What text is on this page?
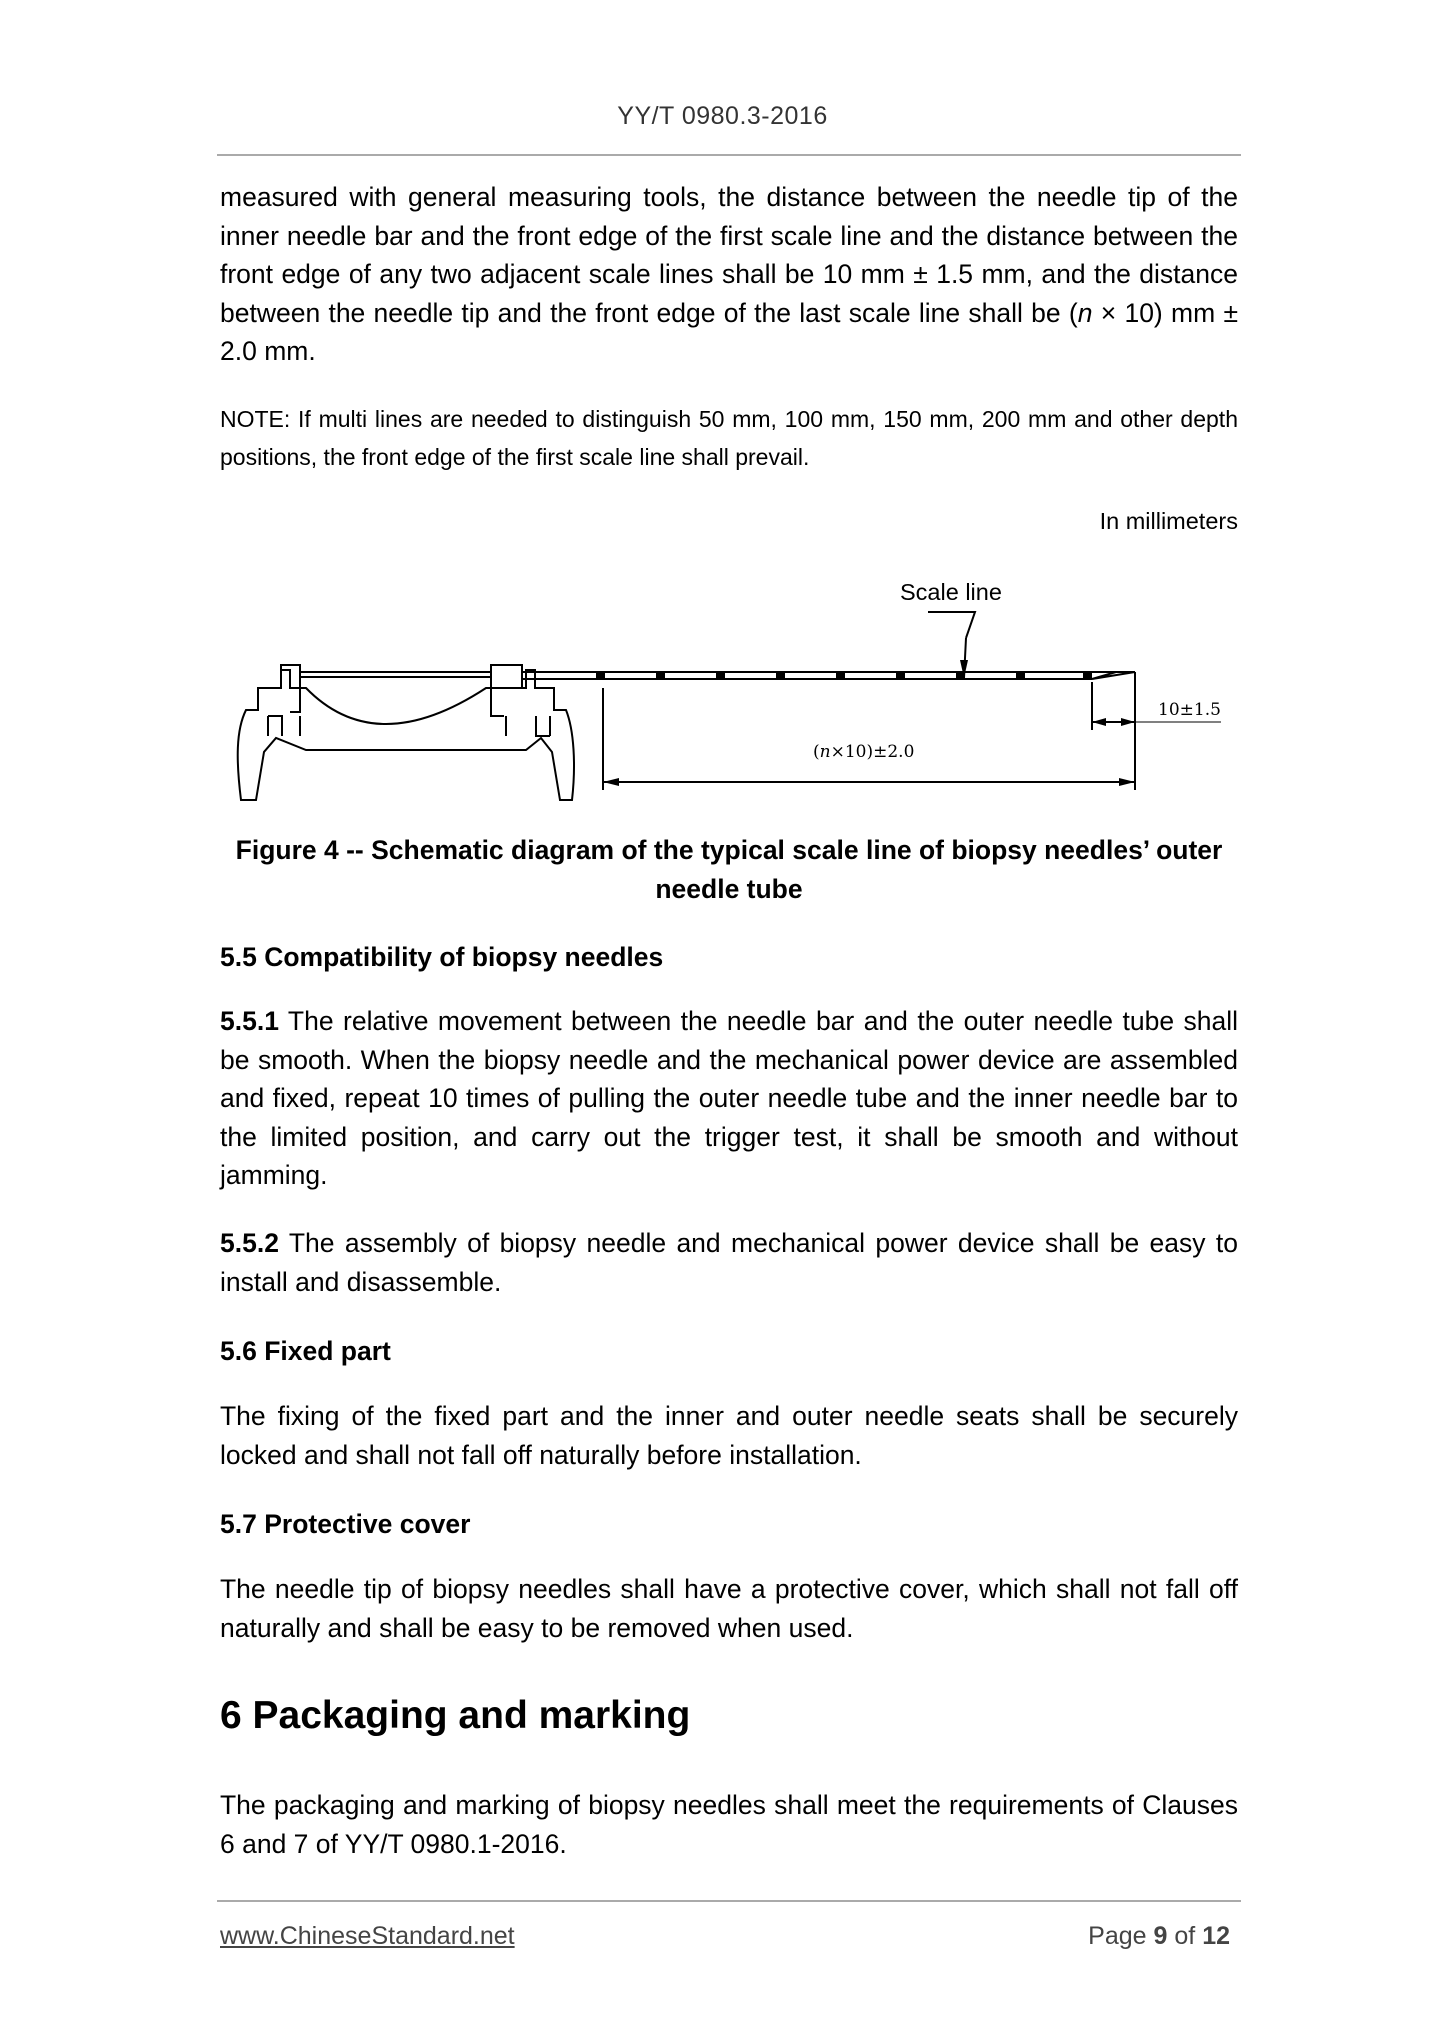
YY/T 0980.3-2016

measured with general measuring tools, the distance between the needle tip of the inner needle bar and the front edge of the first scale line and the distance between the front edge of any two adjacent scale lines shall be 10 mm ± 1.5 mm, and the distance between the needle tip and the front edge of the last scale line shall be (n × 10) mm ± 2.0 mm.

NOTE: If multi lines are needed to distinguish 50 mm, 100 mm, 150 mm, 200 mm and other depth positions, the front edge of the first scale line shall prevail.

In millimeters

Scale line
10±1.5
(n×10)±2.0

Figure 4 -- Schematic diagram of the typical scale line of biopsy needles’ outer needle tube

5.5 Compatibility of biopsy needles

5.5.1 The relative movement between the needle bar and the outer needle tube shall be smooth. When the biopsy needle and the mechanical power device are assembled and fixed, repeat 10 times of pulling the outer needle tube and the inner needle bar to the limited position, and carry out the trigger test, it shall be smooth and without jamming.

5.5.2 The assembly of biopsy needle and mechanical power device shall be easy to install and disassemble.

5.6 Fixed part

The fixing of the fixed part and the inner and outer needle seats shall be securely locked and shall not fall off naturally before installation.

5.7 Protective cover

The needle tip of biopsy needles shall have a protective cover, which shall not fall off naturally and shall be easy to be removed when used.

6 Packaging and marking

The packaging and marking of biopsy needles shall meet the requirements of Clauses 6 and 7 of YY/T 0980.1-2016.

www.ChineseStandard.net	Page 9 of 12
